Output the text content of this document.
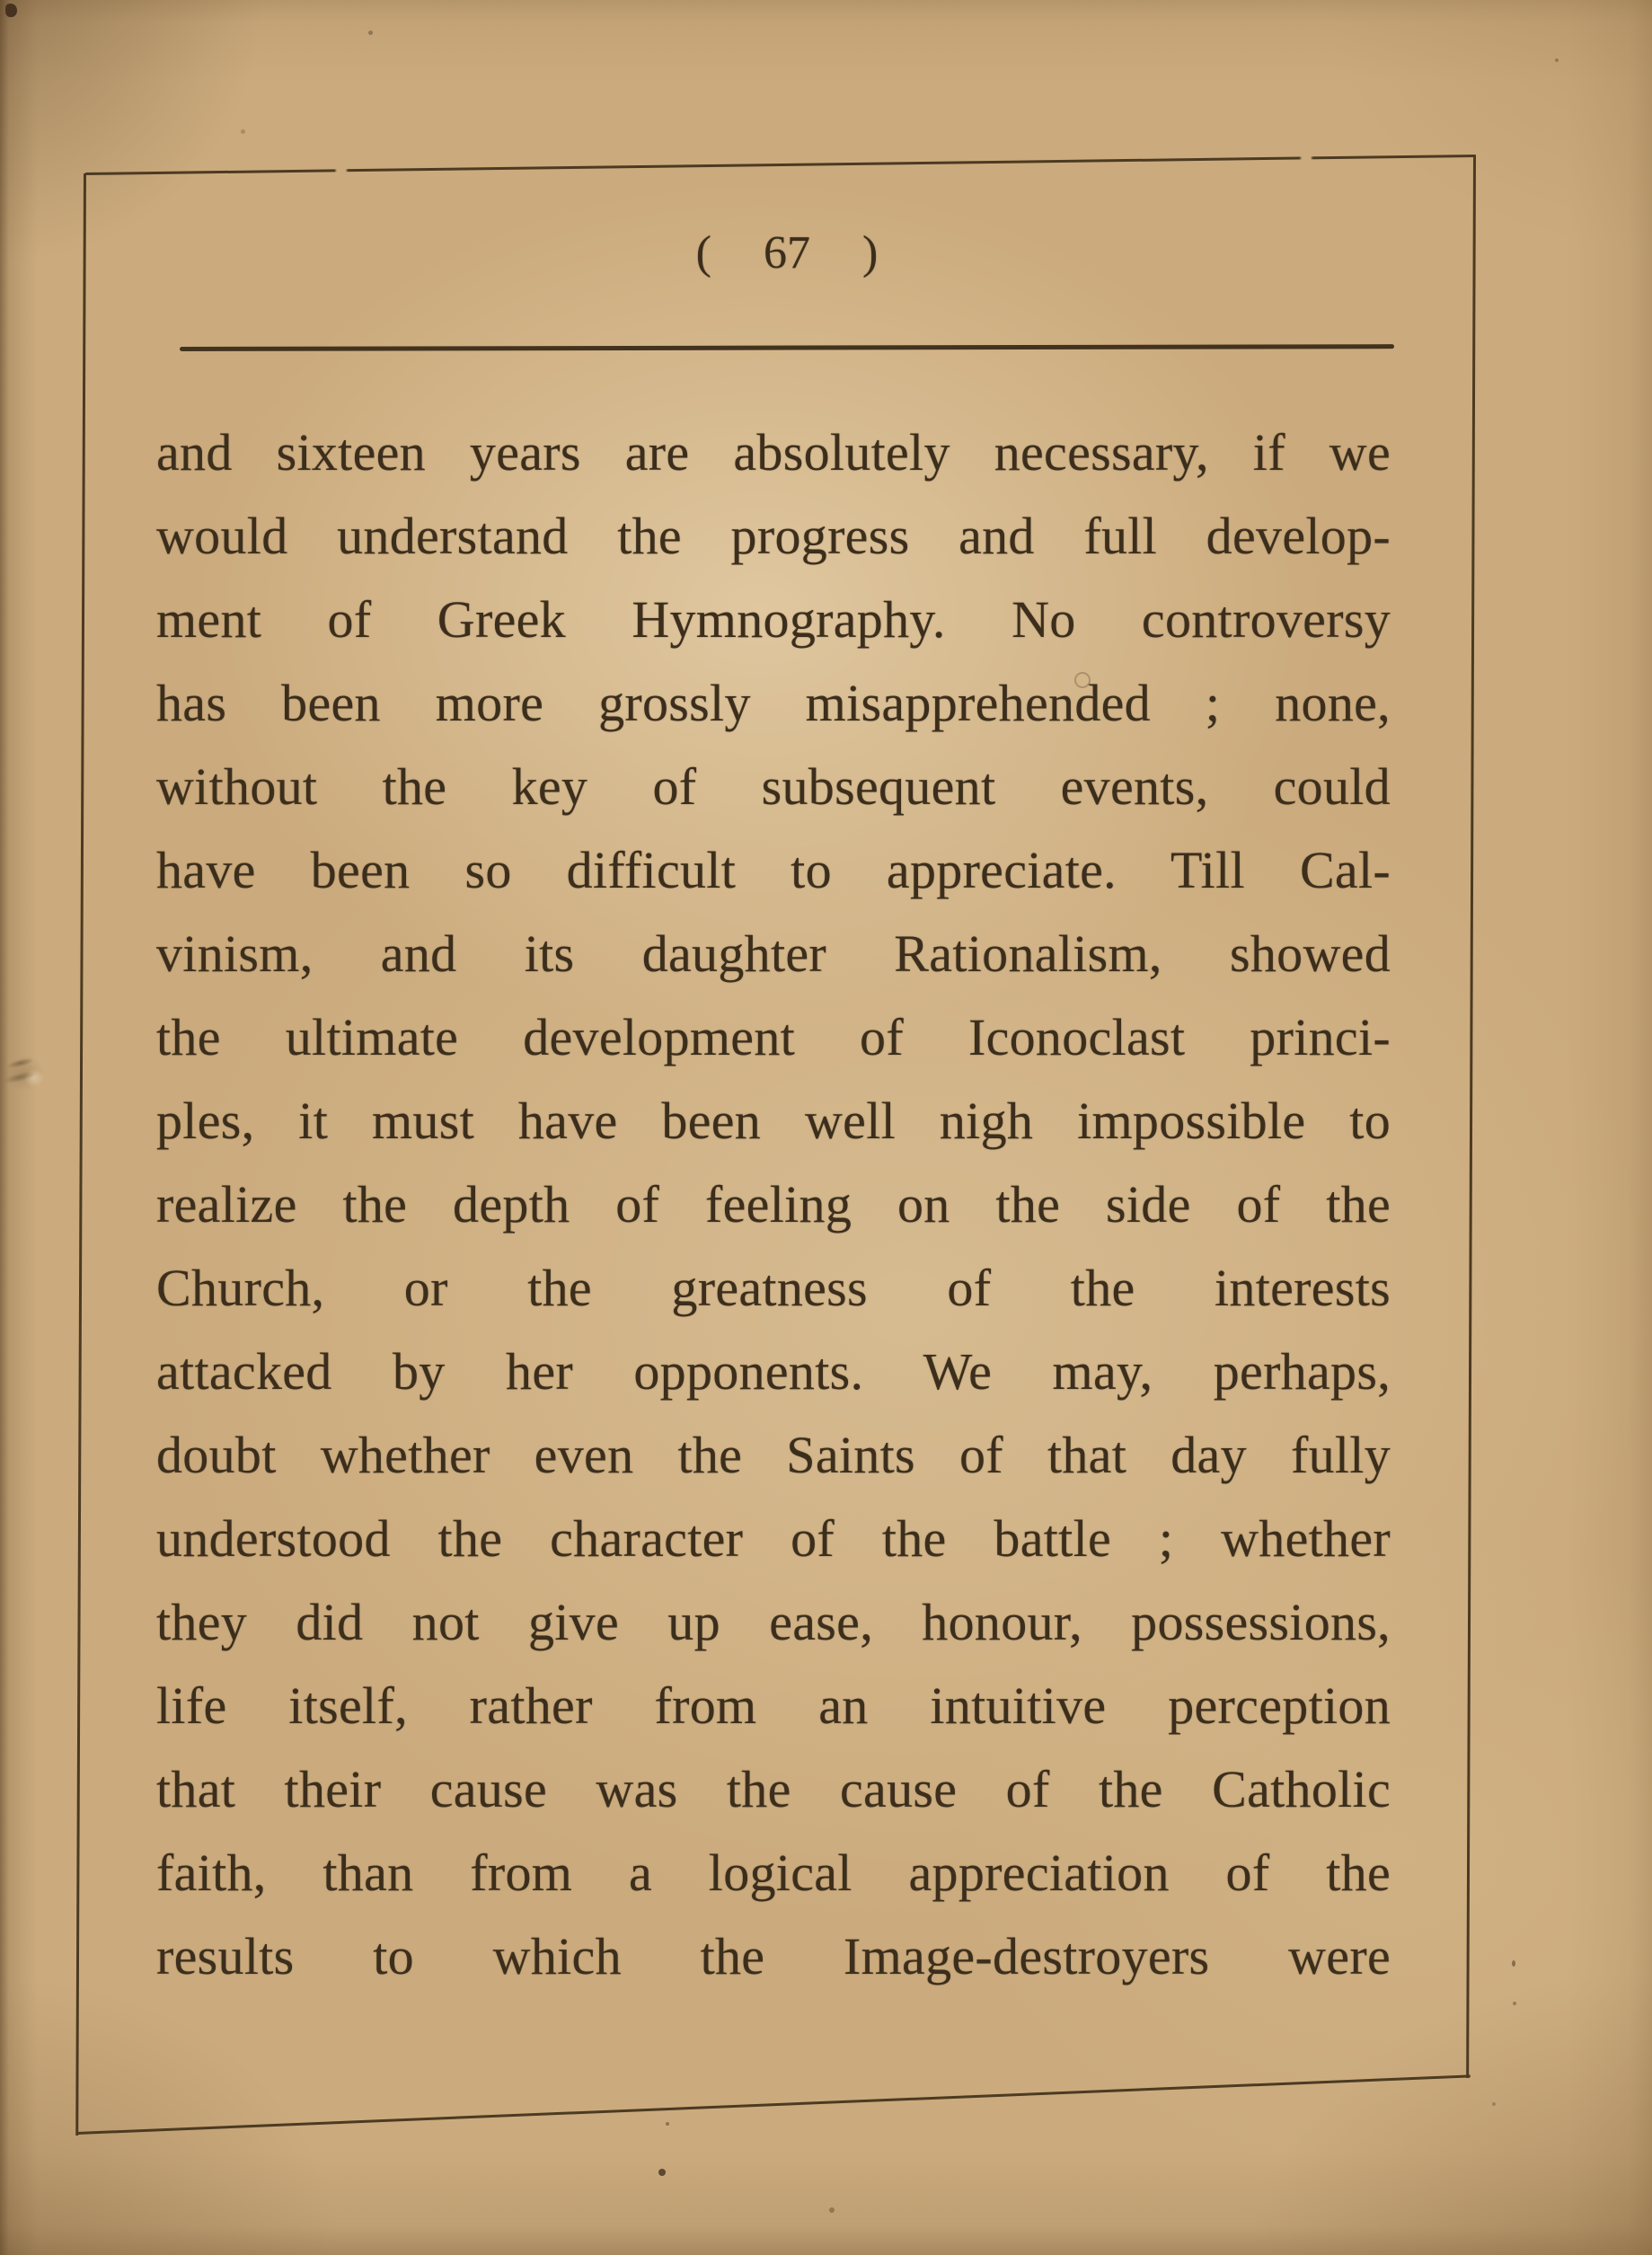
( 67 )
and sixteen years are absolutely necessary, if we
would understand the progress and full develop-
ment of Greek Hymnography. No controversy
has been more grossly misapprehended ; none,
without the key of subsequent events, could
have been so difficult to appreciate. Till Cal-
vinism, and its daughter Rationalism, showed
the ultimate development of Iconoclast princi-
ples, it must have been well nigh impossible to
realize the depth of feeling on the side of the
Church, or the greatness of the interests
attacked by her opponents. We may, perhaps,
doubt whether even the Saints of that day fully
understood the character of the battle ; whether
they did not give up ease, honour, possessions,
life itself, rather from an intuitive perception
that their cause was the cause of the Catholic
faith, than from a logical appreciation of the
results to which the Image-destroyers were
